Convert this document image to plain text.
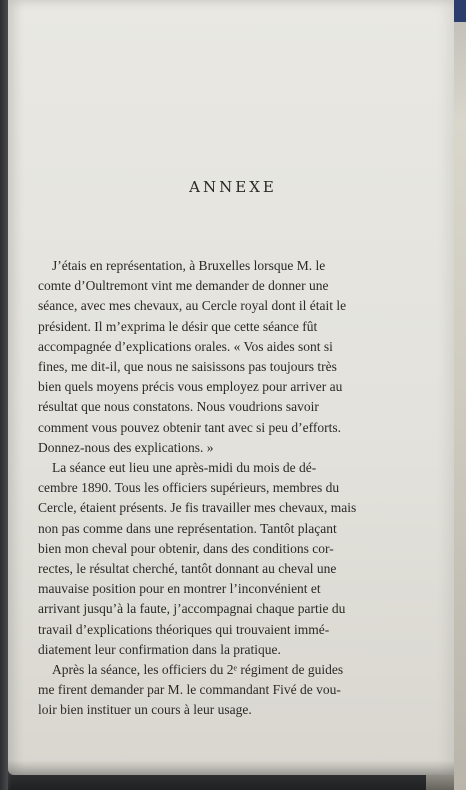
ANNEXE
J’étais en représentation, à Bruxelles lorsque M. le
comte d’Oultremont vint me demander de donner une
séance, avec mes chevaux, au Cercle royal dont il était le
président. Il m’exprima le désir que cette séance fût
accompagnée d’explications orales. « Vos aides sont si
fines, me dit-il, que nous ne saisissons pas toujours très
bien quels moyens précis vous employez pour arriver au
résultat que nous constatons. Nous voudrions savoir
comment vous pouvez obtenir tant avec si peu d’efforts.
Donnez-nous des explications. »
La séance eut lieu une après-midi du mois de dé-
cembre 1890. Tous les officiers supérieurs, membres du
Cercle, étaient présents. Je fis travailler mes chevaux, mais
non pas comme dans une représentation. Tantôt plaçant
bien mon cheval pour obtenir, dans des conditions cor-
rectes, le résultat cherché, tantôt donnant au cheval une
mauvaise position pour en montrer l’inconvénient et
arrivant jusqu’à la faute, j’accompagnai chaque partie du
travail d’explications théoriques qui trouvaient immé-
diatement leur confirmation dans la pratique.
Après la séance, les officiers du 2ᵉ régiment de guides
me firent demander par M. le commandant Fivé de vou-
loir bien instituer un cours à leur usage.
